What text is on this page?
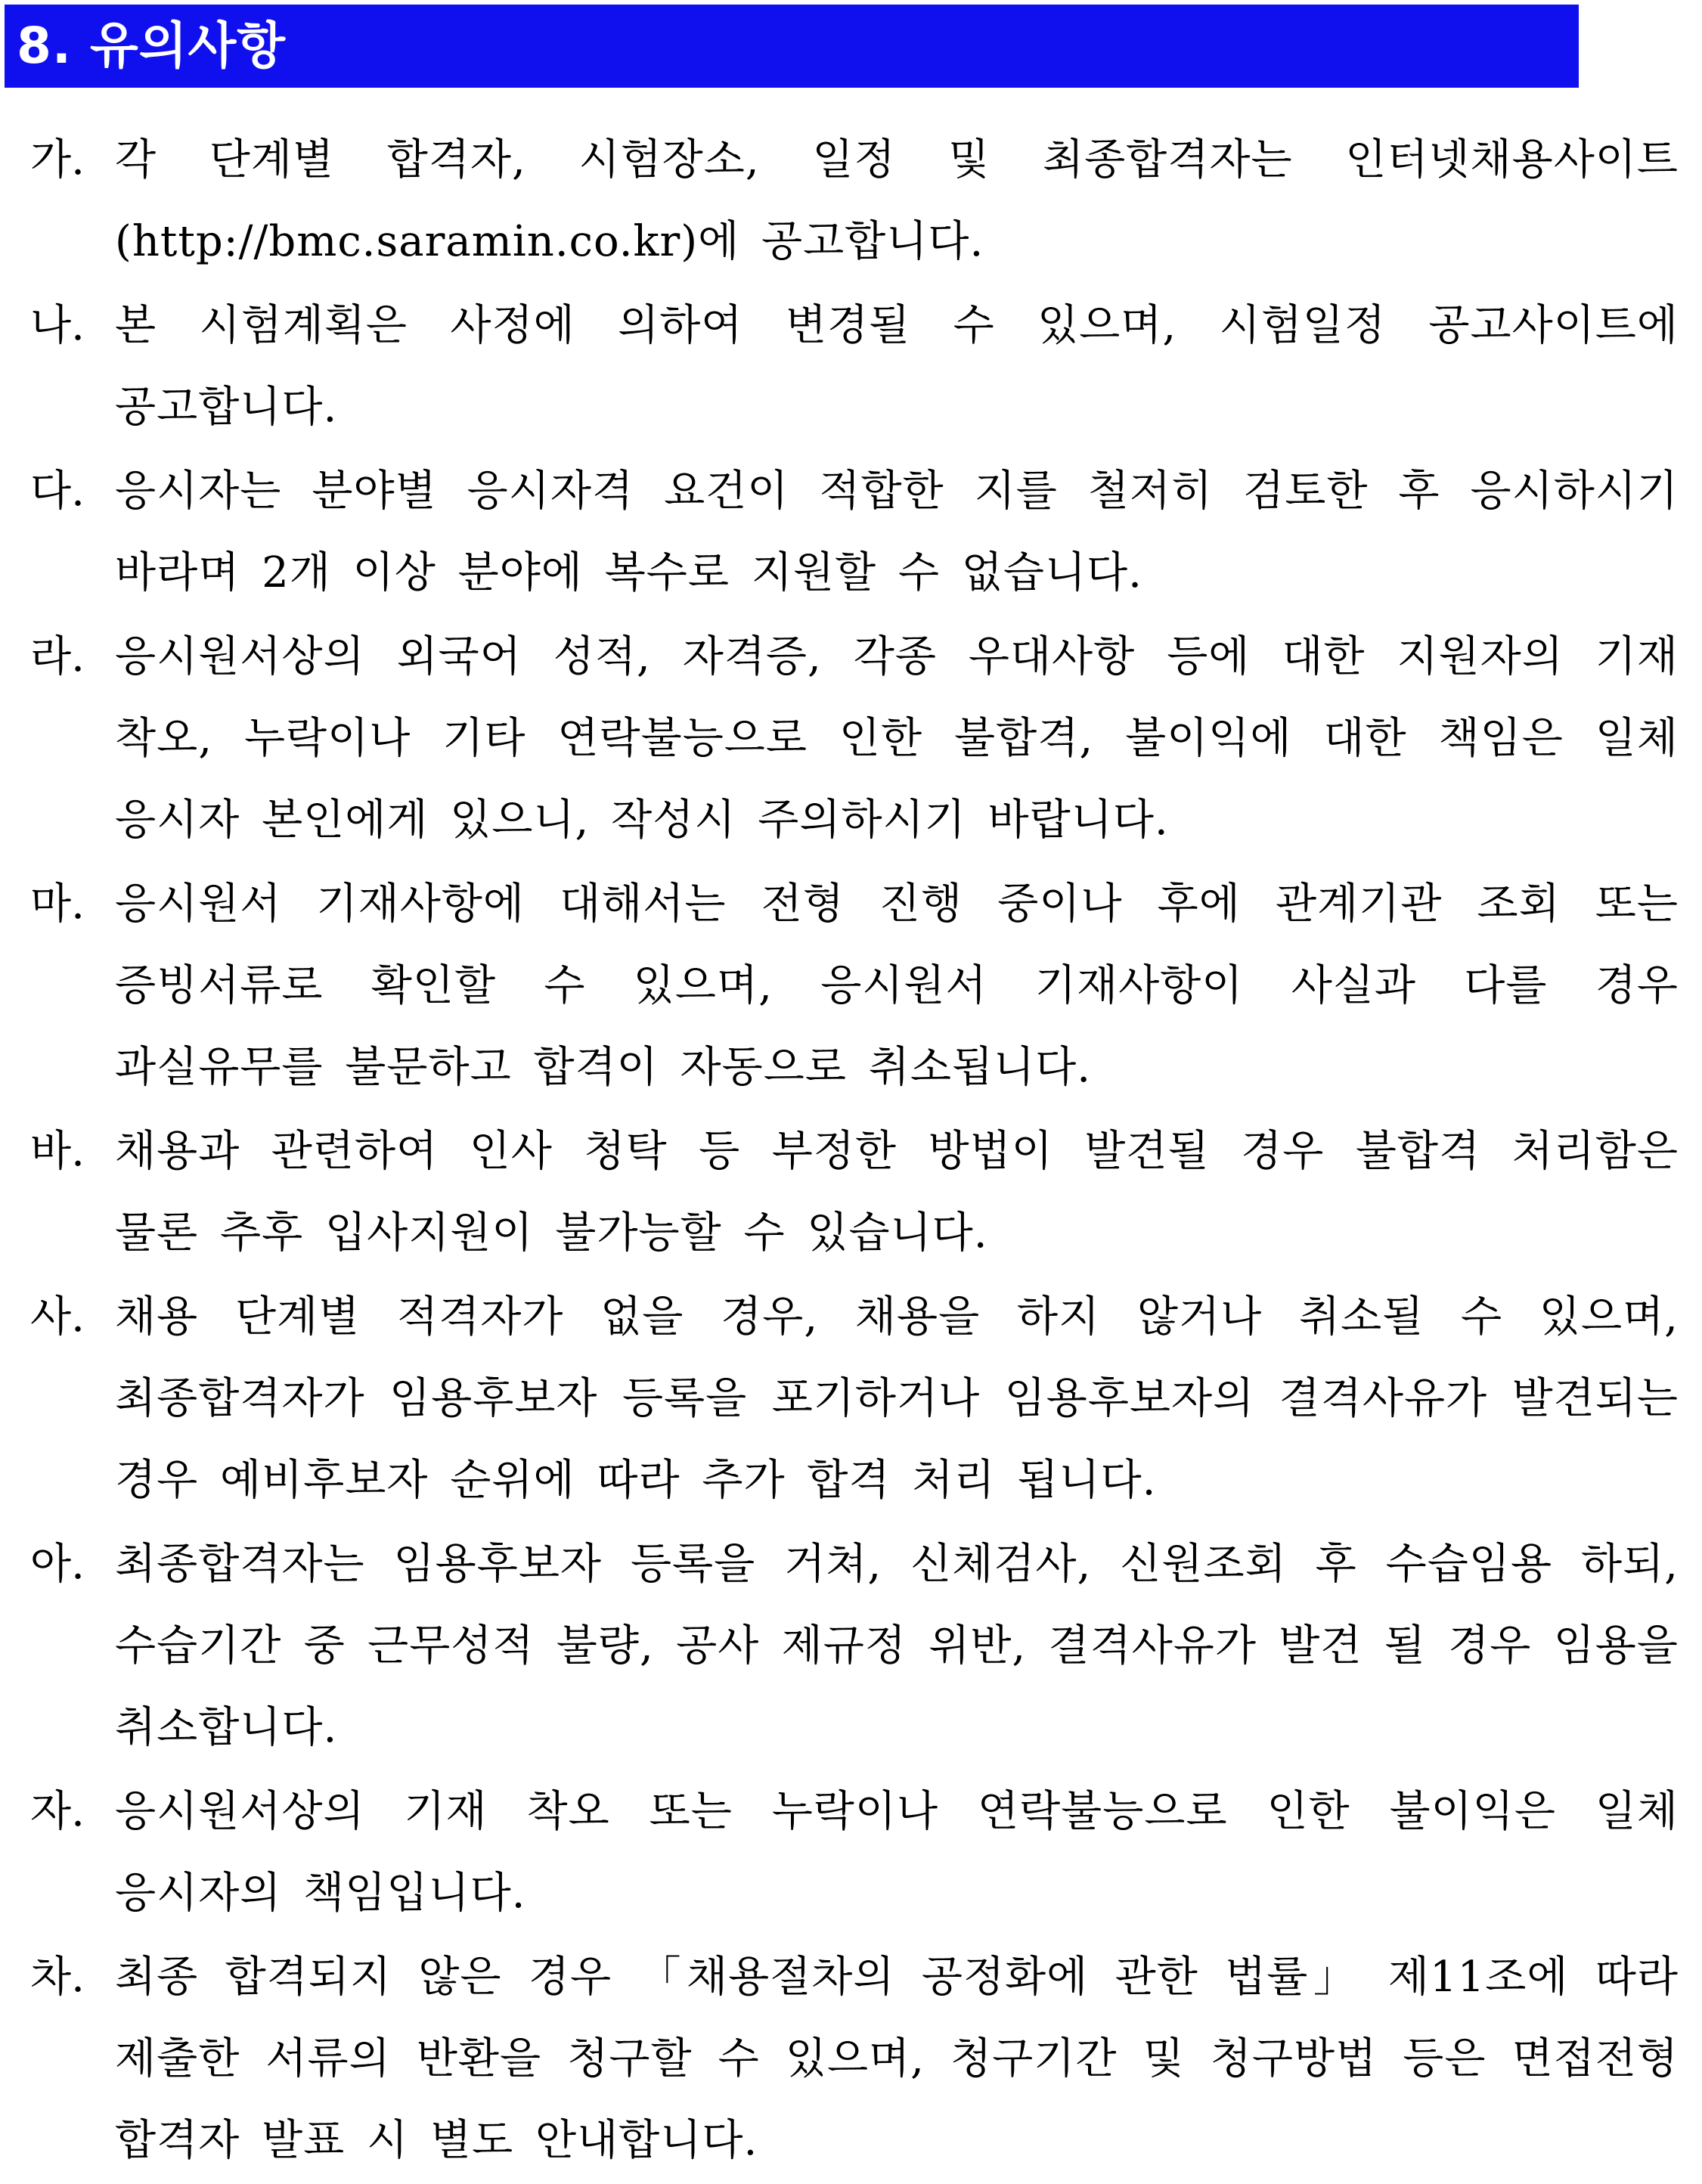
8. 유의사항
가. 각 단계별 합격자, 시험장소, 일정 및 최종합격자는 인터넷채용사이트 (http://bmc.saramin.co.kr)에 공고합니다.
나. 본 시험계획은 사정에 의하여 변경될 수 있으며, 시험일정 공고사이트에 공고합니다.
다. 응시자는 분야별 응시자격 요건이 적합한 지를 철저히 검토한 후 응시하시기 바라며 2개 이상 분야에 복수로 지원할 수 없습니다.
라. 응시원서상의 외국어 성적, 자격증, 각종 우대사항 등에 대한 지원자의 기재 착오, 누락이나 기타 연락불능으로 인한 불합격, 불이익에 대한 책임은 일체 응시자 본인에게 있으니, 작성시 주의하시기 바랍니다.
마. 응시원서 기재사항에 대해서는 전형 진행 중이나 후에 관계기관 조회 또는 증빙서류로 확인할 수 있으며, 응시원서 기재사항이 사실과 다를 경우 과실유무를 불문하고 합격이 자동으로 취소됩니다.
바. 채용과 관련하여 인사 청탁 등 부정한 방법이 발견될 경우 불합격 처리함은 물론 추후 입사지원이 불가능할 수 있습니다.
사. 채용 단계별 적격자가 없을 경우, 채용을 하지 않거나 취소될 수 있으며, 최종합격자가 임용후보자 등록을 포기하거나 임용후보자의 결격사유가 발견되는 경우 예비후보자 순위에 따라 추가 합격 처리 됩니다.
아. 최종합격자는 임용후보자 등록을 거쳐, 신체검사, 신원조회 후 수습임용 하되, 수습기간 중 근무성적 불량, 공사 제규정 위반, 결격사유가 발견 될 경우 임용을 취소합니다.
자. 응시원서상의 기재 착오 또는 누락이나 연락불능으로 인한 불이익은 일체 응시자의 책임입니다.
차. 최종 합격되지 않은 경우 「채용절차의 공정화에 관한 법률」 제11조에 따라 제출한 서류의 반환을 청구할 수 있으며, 청구기간 및 청구방법 등은 면접전형 합격자 발표 시 별도 안내합니다.
